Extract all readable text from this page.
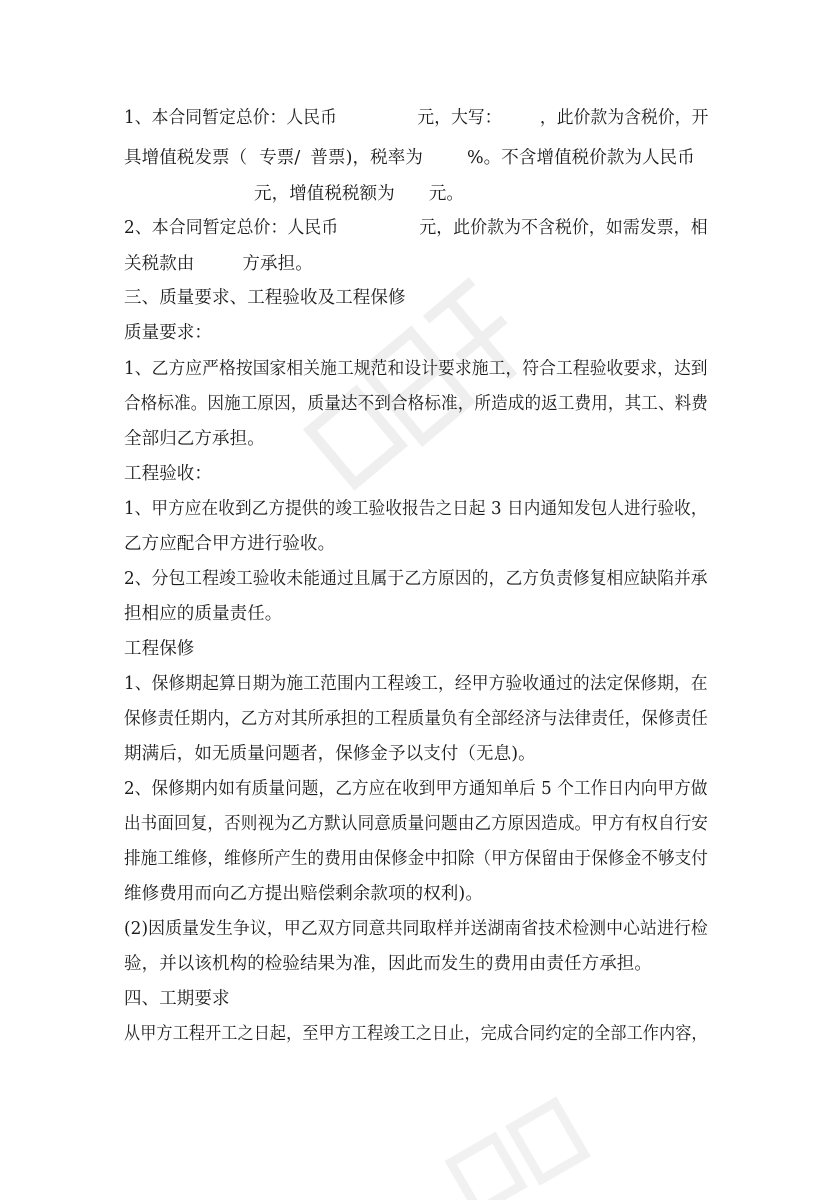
1、本合同暂定总价：人民币	元，大写： ，此价款为含税价，开
具增值税发票（ 专票/ 普票)，税率为	%。不含增值税价款为人民币
元，增值税税额为 元。
2、本合同暂定总价：人民币	元，此价款为不含税价，如需发票，相
关税款由	方承担。
三、质量要求、工程验收及工程保修
质量要求：
1、乙方应严格按国家相关施工规范和设计要求施工，符合工程验收要求，达到
合格标准。因施工原因，质量达不到合格标准，所造成的返工费用，其工、料费
全部归乙方承担。
工程验收：
1、甲方应在收到乙方提供的竣工验收报告之日起 3 日内通知发包人进行验收，
乙方应配合甲方进行验收。
2、分包工程竣工验收未能通过且属于乙方原因的，乙方负责修复相应缺陷并承
担相应的质量责任。
工程保修
1、保修期起算日期为施工范围内工程竣工，经甲方验收通过的法定保修期，在
保修责任期内，乙方对其所承担的工程质量负有全部经济与法律责任，保修责任
期满后，如无质量问题者，保修金予以支付（无息)。
2、保修期内如有质量问题，乙方应在收到甲方通知单后 5 个工作日内向甲方做
出书面回复，否则视为乙方默认同意质量问题由乙方原因造成。甲方有权自行安
排施工维修，维修所产生的费用由保修金中扣除（甲方保留由于保修金不够支付
维修费用而向乙方提出赔偿剩余款项的权利)。
(2)因质量发生争议，甲乙双方同意共同取样并送湖南省技术检测中心站进行检
验，并以该机构的检验结果为准，因此而发生的费用由责任方承担。
四、工期要求
从甲方工程开工之日起，至甲方工程竣工之日止，完成合同约定的全部工作内容，
